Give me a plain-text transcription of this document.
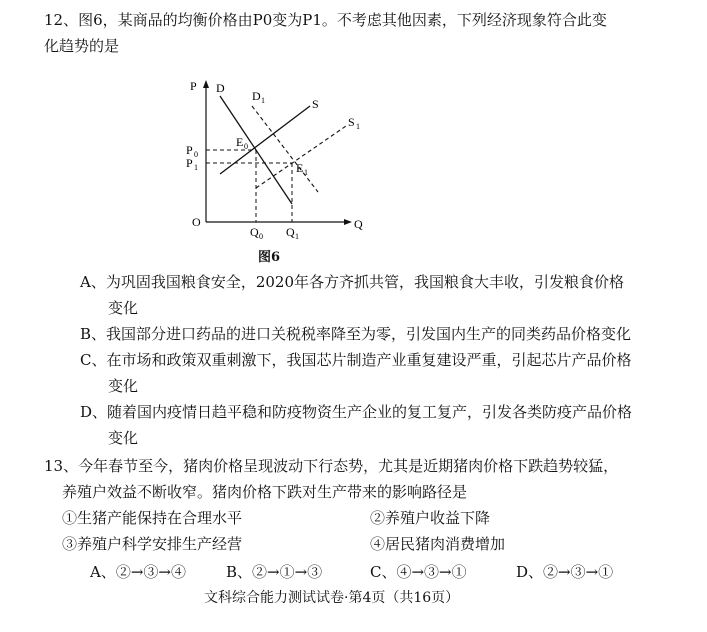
12、图6，某商品的均衡价格由P0变为P1。不考虑其他因素，下列经济现象符合此变
化趋势的是
P
Q
O
D
D 1	S
S 1
P 0
P 1
Q 0 Q 1
E 0
E 1
图6
A、为巩固我国粮食安全，2020年各方齐抓共管，我国粮食大丰收，引发粮食价格
变化
B、我国部分进口药品的进口关税税率降至为零，引发国内生产的同类药品价格变化
C、在市场和政策双重刺激下，我国芯片制造产业重复建设严重，引起芯片产品价格
变化
D、随着国内疫情日趋平稳和防疫物资生产企业的复工复产，引发各类防疫产品价格
变化
13、今年春节至今，猪肉价格呈现波动下行态势，尤其是近期猪肉价格下跌趋势较猛，
养殖户效益不断收窄。猪肉价格下跌对生产带来的影响路径是
①生猪产能保持在合理水平	②养殖户收益下降
③养殖户科学安排生产经营	④居民猪肉消费增加
A、②→③→④	B、②→①→③	C、④→③→①	D、②→③→①
文科综合能力测试试卷·第4页（共16页）
